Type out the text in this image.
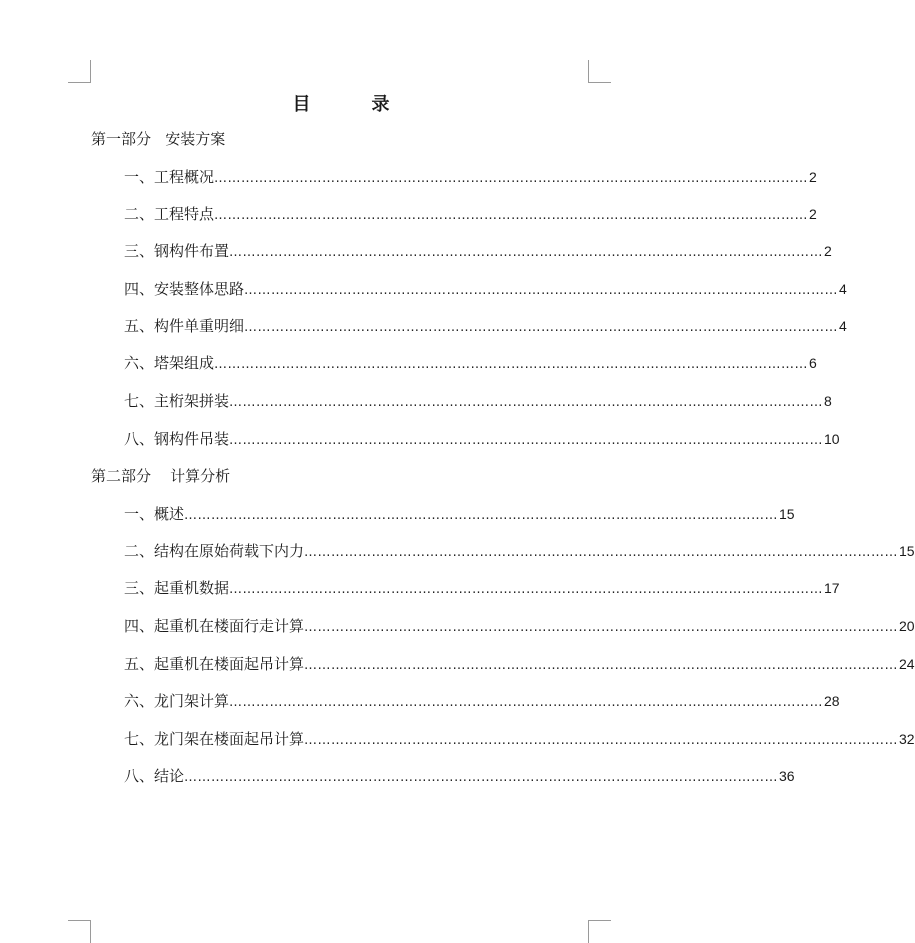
目	录
第一部分   安装方案
一、工程概况 …………………………………………………………………………………………………………………… 2
二、工程特点 …………………………………………………………………………………………………………………… 2
三、钢构件布置 …………………………………………………………………………………………………………………… 2
四、安装整体思路 …………………………………………………………………………………………………………………… 4
五、构件单重明细 …………………………………………………………………………………………………………………… 4
六、塔架组成 …………………………………………………………………………………………………………………… 6
七、主桁架拼装 …………………………………………………………………………………………………………………… 8
八、钢构件吊装 …………………………………………………………………………………………………………………… 10
第二部分    计算分析
一、概述 …………………………………………………………………………………………………………………… 15
二、结构在原始荷载下内力 …………………………………………………………………………………………………………………… 15
三、起重机数据 …………………………………………………………………………………………………………………… 17
四、起重机在楼面行走计算 …………………………………………………………………………………………………………………… 20
五、起重机在楼面起吊计算 …………………………………………………………………………………………………………………… 24
六、龙门架计算 …………………………………………………………………………………………………………………… 28
七、龙门架在楼面起吊计算 …………………………………………………………………………………………………………………… 32
八、结论 …………………………………………………………………………………………………………………… 36
